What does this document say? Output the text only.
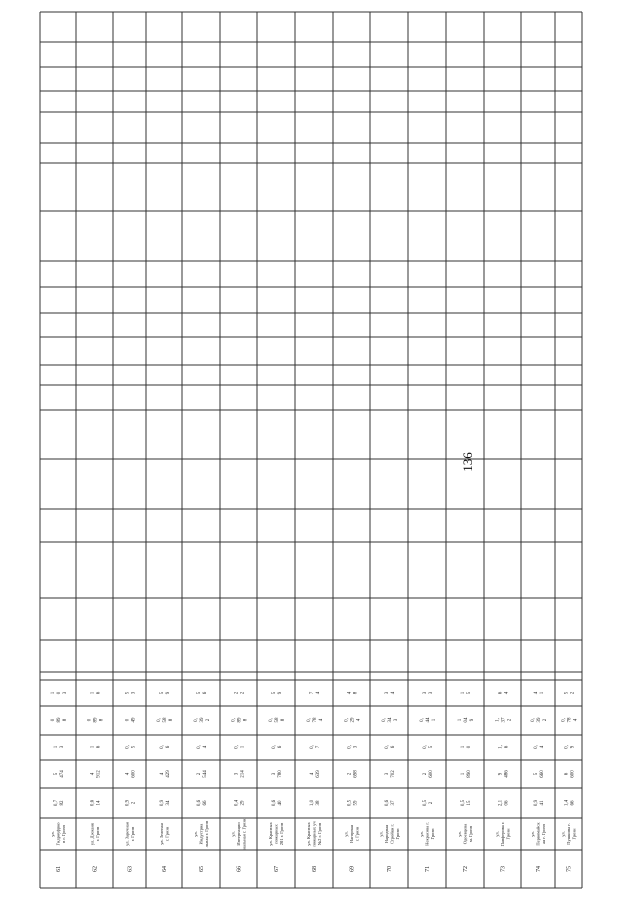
136
61
ул. Гидроуфрко в г. Грозн
0,7 82
5 474
1 3
0 89 8
1 0 3
62
ул. Дзеканк г. Грозн
0,6 14
4 912
1 6
0 89 8
1 6
63
ул. Заречная г. Грозн
0,9 2
4 600
0, 5
0 49
5 3
64
ул. Зеленая г. Грозн
0,9 34
4 429
0, 6
0, 58 8
5 9
65
ул. Индустриа льная г. Грозн
0,6 66
2 544
0, 4
0, 39 2
5 6
66
ул. Интернацио нальная г. Грозн
0,4 29
3 214
0, 1
0, 89 8
2 2
67
ул. Красных пожарных 201 г. Грозн
0,6 40
3 780
0, 6
0, 58 8
5 9
68
ул. Красных пожарных уч №2 г. Грозн
1,0 38
4 639
0, 7
0, 78 4
7 4
69
ул. Нагорная г. Грозн
0,5 59
2 698
0, 3
0, 29 4
4 8
70
ул. Народная Стройки г. Грозн
0,6 37
3 702
0, 6
0, 34 3
3 4
71
ул. Некрасова г. Грозн
0,5 2
2 600
0, 5
0, 44 1
3 3
72
ул. Одоевцева м. Грозн
0,5 15
1 890
1 0
1 04 9
1 5
73
ул. Панферова г. Грозн
2,1 06
9 486
1, 6
1, 37 2
6 4
74
ул. Первомайск ая г. Грозн
0,9 41
5 660
0, 4
0, 39 2
4 1
75
ул. Пушкина г. Грозн
1,4 66
6 600
0, 9
0, 78 4
5 2
